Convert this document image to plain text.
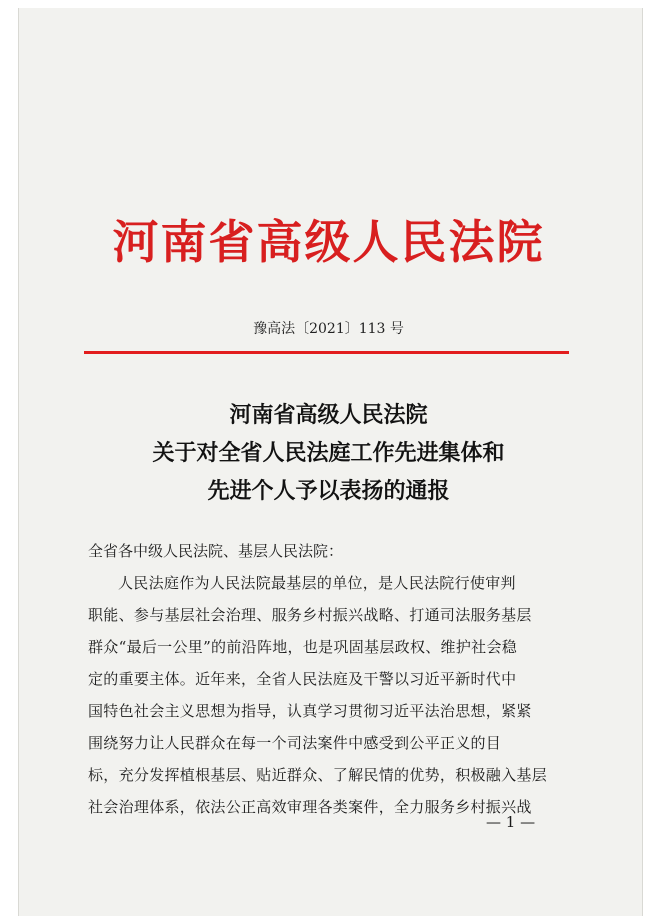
河南省高级人民法院
豫高法〔2021〕113 号
河南省高级人民法院
关于对全省人民法庭工作先进集体和
先进个人予以表扬的通报
全省各中级人民法院、基层人民法院：
人民法庭作为人民法院最基层的单位，是人民法院行使审判
职能、参与基层社会治理、服务乡村振兴战略、打通司法服务基层
群众“最后一公里”的前沿阵地，也是巩固基层政权、维护社会稳
定的重要主体。近年来，全省人民法庭及干警以习近平新时代中
国特色社会主义思想为指导，认真学习贯彻习近平法治思想，紧紧
围绕努力让人民群众在每一个司法案件中感受到公平正义的目
标，充分发挥植根基层、贴近群众、了解民情的优势，积极融入基层
社会治理体系，依法公正高效审理各类案件，全力服务乡村振兴战
— 1 —
